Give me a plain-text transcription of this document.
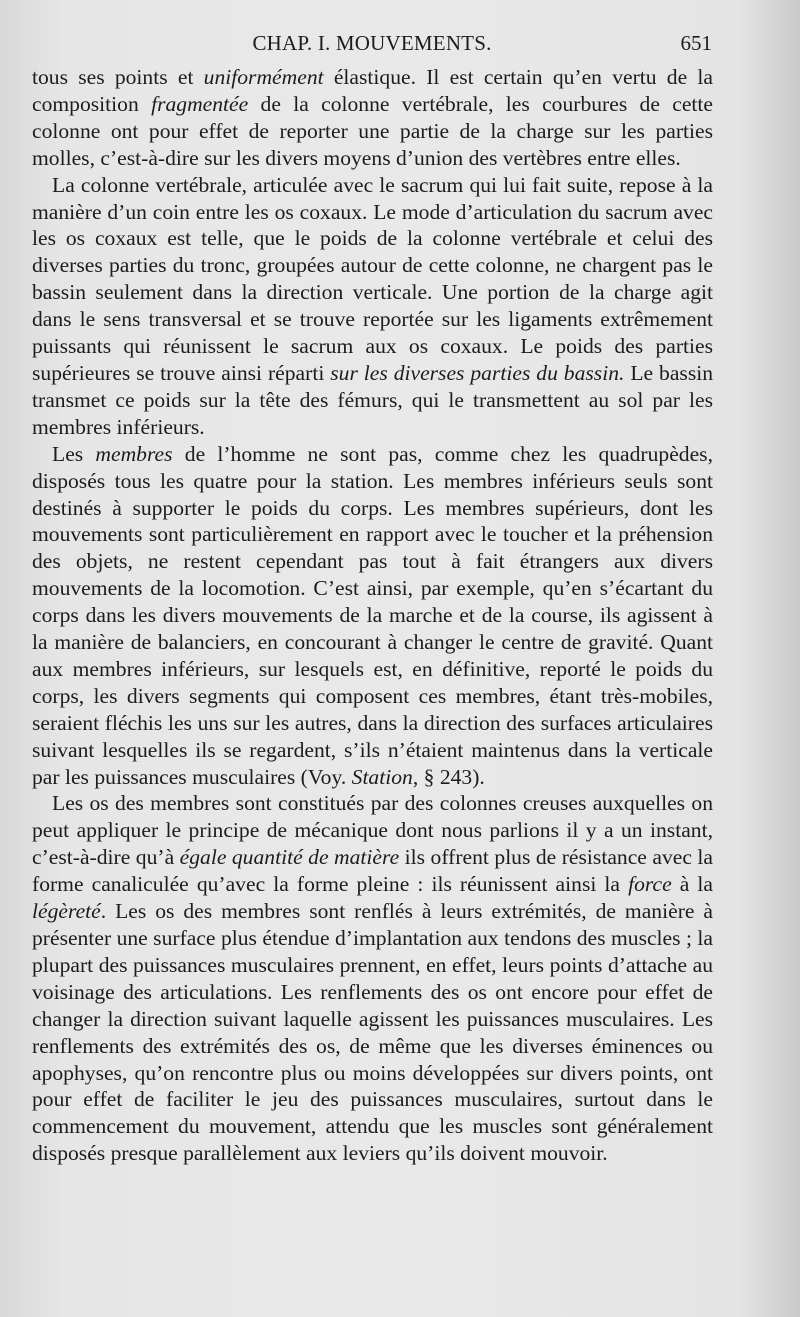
CHAP. I. MOUVEMENTS.	651

tous ses points et uniformément élastique. Il est certain qu’en vertu de la composition fragmentée de la colonne vertébrale, les courbures de cette colonne ont pour effet de reporter une partie de la charge sur les parties molles, c’est-à-dire sur les divers moyens d’union des vertèbres entre elles.

La colonne vertébrale, articulée avec le sacrum qui lui fait suite, repose à la manière d’un coin entre les os coxaux. Le mode d’articulation du sacrum avec les os coxaux est telle, que le poids de la colonne vertébrale et celui des diverses parties du tronc, groupées autour de cette colonne, ne chargent pas le bassin seulement dans la direction verticale. Une portion de la charge agit dans le sens transversal et se trouve reportée sur les ligaments extrêmement puissants qui réunissent le sacrum aux os coxaux. Le poids des parties supérieures se trouve ainsi réparti sur les diverses parties du bassin. Le bassin transmet ce poids sur la tête des fémurs, qui le transmettent au sol par les membres inférieurs.

Les membres de l’homme ne sont pas, comme chez les quadrupèdes, disposés tous les quatre pour la station. Les membres inférieurs seuls sont destinés à supporter le poids du corps. Les membres supérieurs, dont les mouvements sont particulièrement en rapport avec le toucher et la préhension des objets, ne restent cependant pas tout à fait étrangers aux divers mouvements de la locomotion. C’est ainsi, par exemple, qu’en s’écartant du corps dans les divers mouvements de la marche et de la course, ils agissent à la manière de balanciers, en concourant à changer le centre de gravité. Quant aux membres inférieurs, sur lesquels est, en définitive, reporté le poids du corps, les divers segments qui composent ces membres, étant très-mobiles, seraient fléchis les uns sur les autres, dans la direction des surfaces articulaires suivant lesquelles ils se regardent, s’ils n’étaient maintenus dans la verticale par les puissances musculaires (Voy. Station, § 243).

Les os des membres sont constitués par des colonnes creuses auxquelles on peut appliquer le principe de mécanique dont nous parlions il y a un instant, c’est-à-dire qu’à égale quantité de matière ils offrent plus de résistance avec la forme canaliculée qu’avec la forme pleine : ils réunissent ainsi la force à la légèreté. Les os des membres sont renflés à leurs extrémités, de manière à présenter une surface plus étendue d’implantation aux tendons des muscles ; la plupart des puissances musculaires prennent, en effet, leurs points d’attache au voisinage des articulations. Les renflements des os ont encore pour effet de changer la direction suivant laquelle agissent les puissances musculaires. Les renflements des extrémités des os, de même que les diverses éminences ou apophyses, qu’on rencontre plus ou moins développées sur divers points, ont pour effet de faciliter le jeu des puissances musculaires, surtout dans le commencement du mouvement, attendu que les muscles sont généralement disposés presque parallèlement aux leviers qu’ils doivent mouvoir.
